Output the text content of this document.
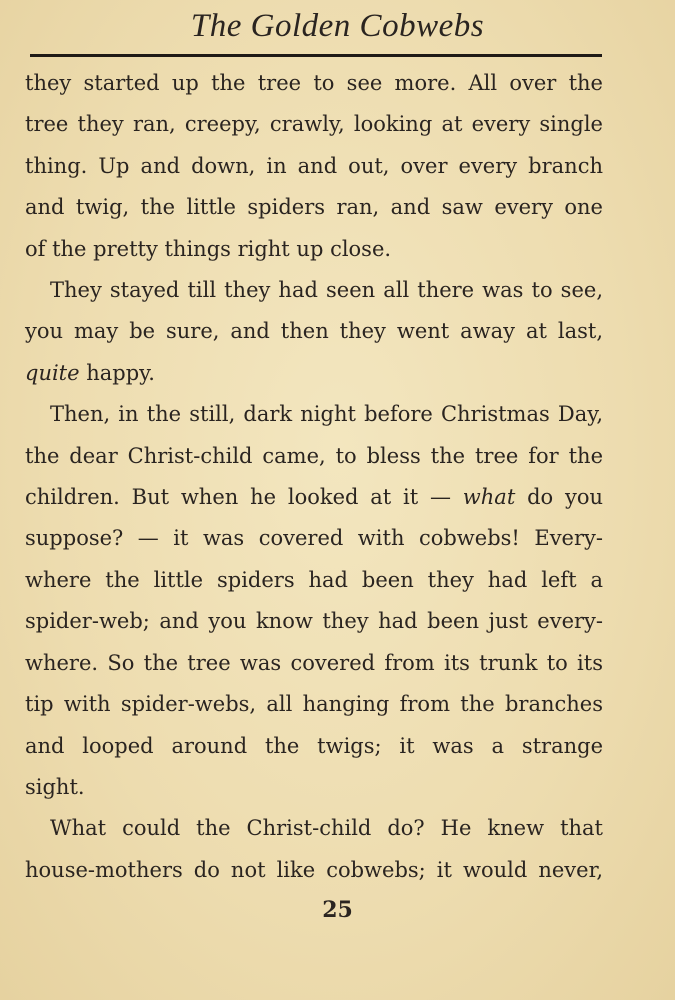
The Golden Cobwebs

they started up the tree to see more. All over the
tree they ran, creepy, crawly, looking at every single
thing. Up and down, in and out, over every branch
and twig, the little spiders ran, and saw every one
of the pretty things right up close.

They stayed till they had seen all there was to see,
you may be sure, and then they went away at last,
quite happy.

Then, in the still, dark night before Christmas Day,
the dear Christ-child came, to bless the tree for the
children. But when he looked at it — what do you
suppose? — it was covered with cobwebs! Every-
where the little spiders had been they had left a
spider-web; and you know they had been just every-
where. So the tree was covered from its trunk to its
tip with spider-webs, all hanging from the branches
and looped around the twigs; it was a strange
sight.

What could the Christ-child do? He knew that
house-mothers do not like cobwebs; it would never,

25
